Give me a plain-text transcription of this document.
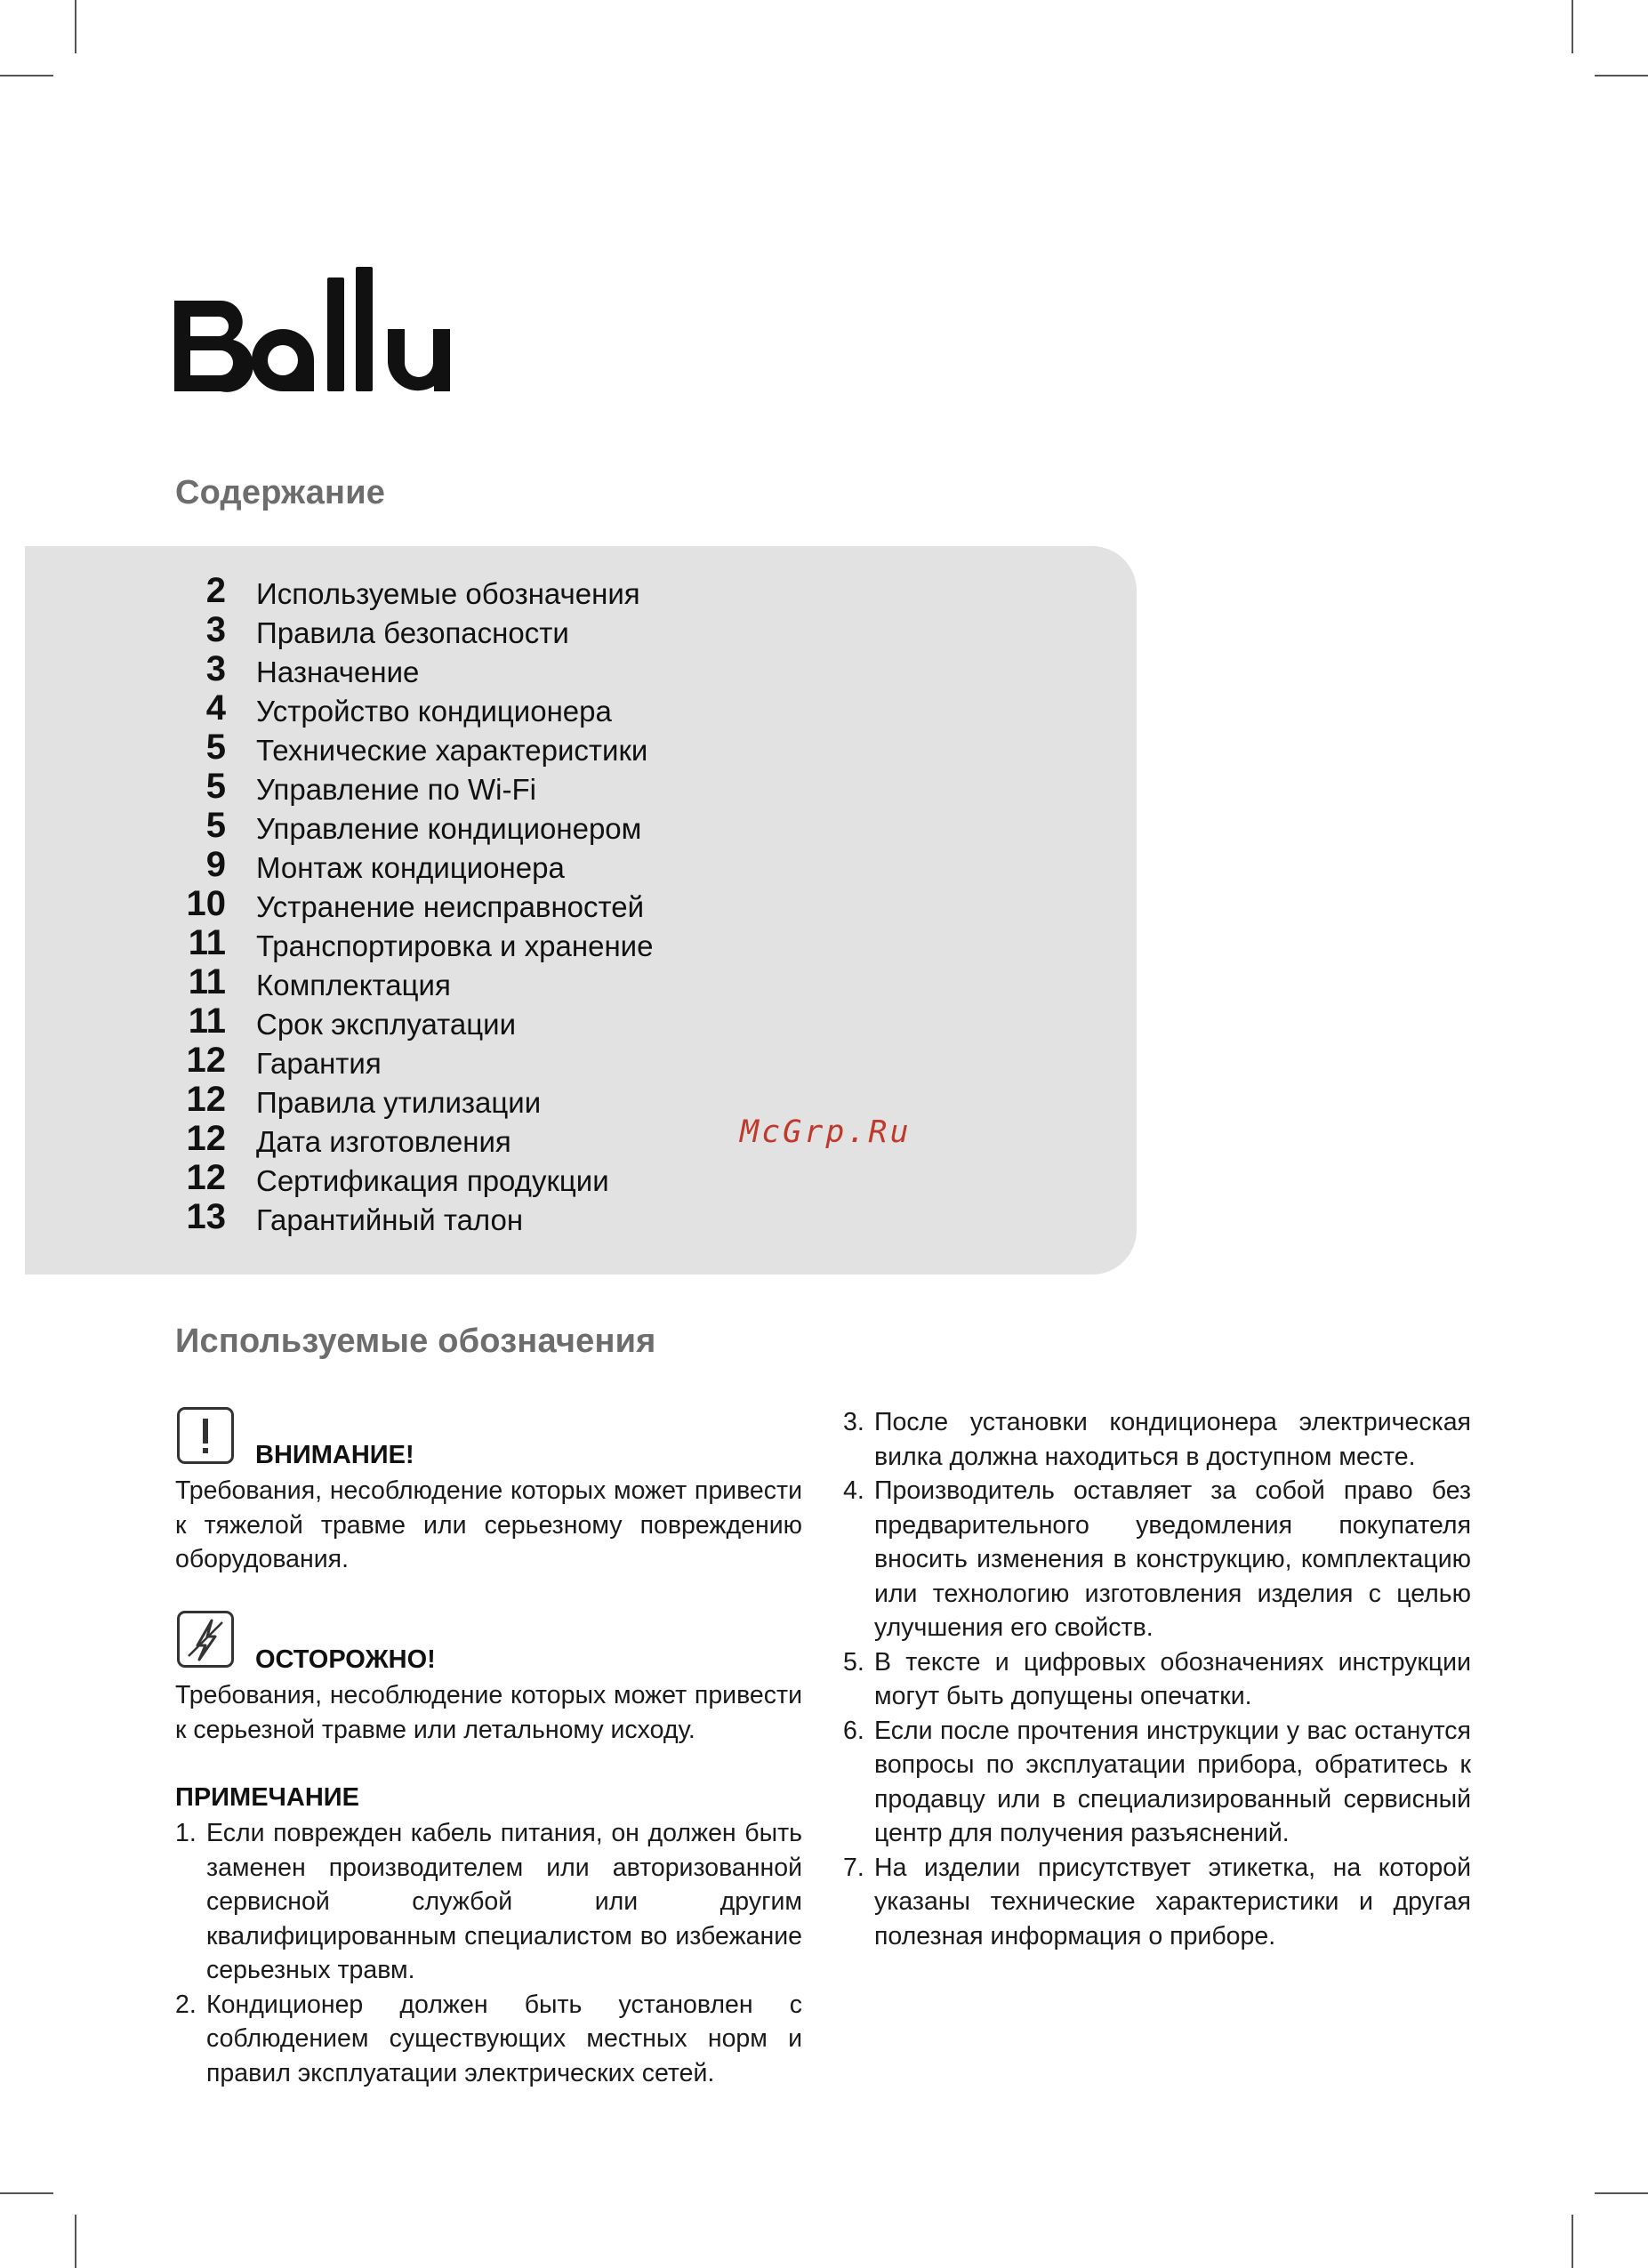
Содержание
2 Используемые обозначения
3 Правила безопасности
3 Назначение
4 Устройство кондиционера
5 Технические характеристики
5 Управление по Wi-Fi
5 Управление кондиционером
9 Монтаж кондиционера
10 Устранение неисправностей
11 Транспортировка и хранение
11 Комплектация
11 Срок эксплуатации
12 Гарантия
12 Правила утилизации
12 Дата изготовления
12 Сертификация продукции
13 Гарантийный талон
McGrp.Ru
Используемые обозначения
ВНИМАНИЕ!

Требования, несоблюдение которых может привести к тяжелой травме или серьезному повреждению оборудования.

ОСТОРОЖНО!

Требования, несоблюдение которых может привести к серьезной травме или летальному исходу.

ПРИМЕЧАНИЕ
1. Если поврежден кабель питания, он должен быть заменен производителем или авторизованной сервисной службой или другим квалифицированным специалистом во избежание серьезных травм.
2. Кондиционер должен быть установлен с соблюдением существующих местных норм и правил эксплуатации электрических сетей.
3. После установки кондиционера электрическая вилка должна находиться в доступном месте.
4. Производитель оставляет за собой право без предварительного уведомления покупателя вносить изменения в конструкцию, комплектацию или технологию изготовления изделия с целью улучшения его свойств.
5. В тексте и цифровых обозначениях инструкции могут быть допущены опечатки.
6. Если после прочтения инструкции у вас останутся вопросы по эксплуатации прибора, обратитесь к продавцу или в специализированный сервисный центр для получения разъяснений.
7. На изделии присутствует этикетка, на которой указаны технические характеристики и другая полезная информация о приборе.
